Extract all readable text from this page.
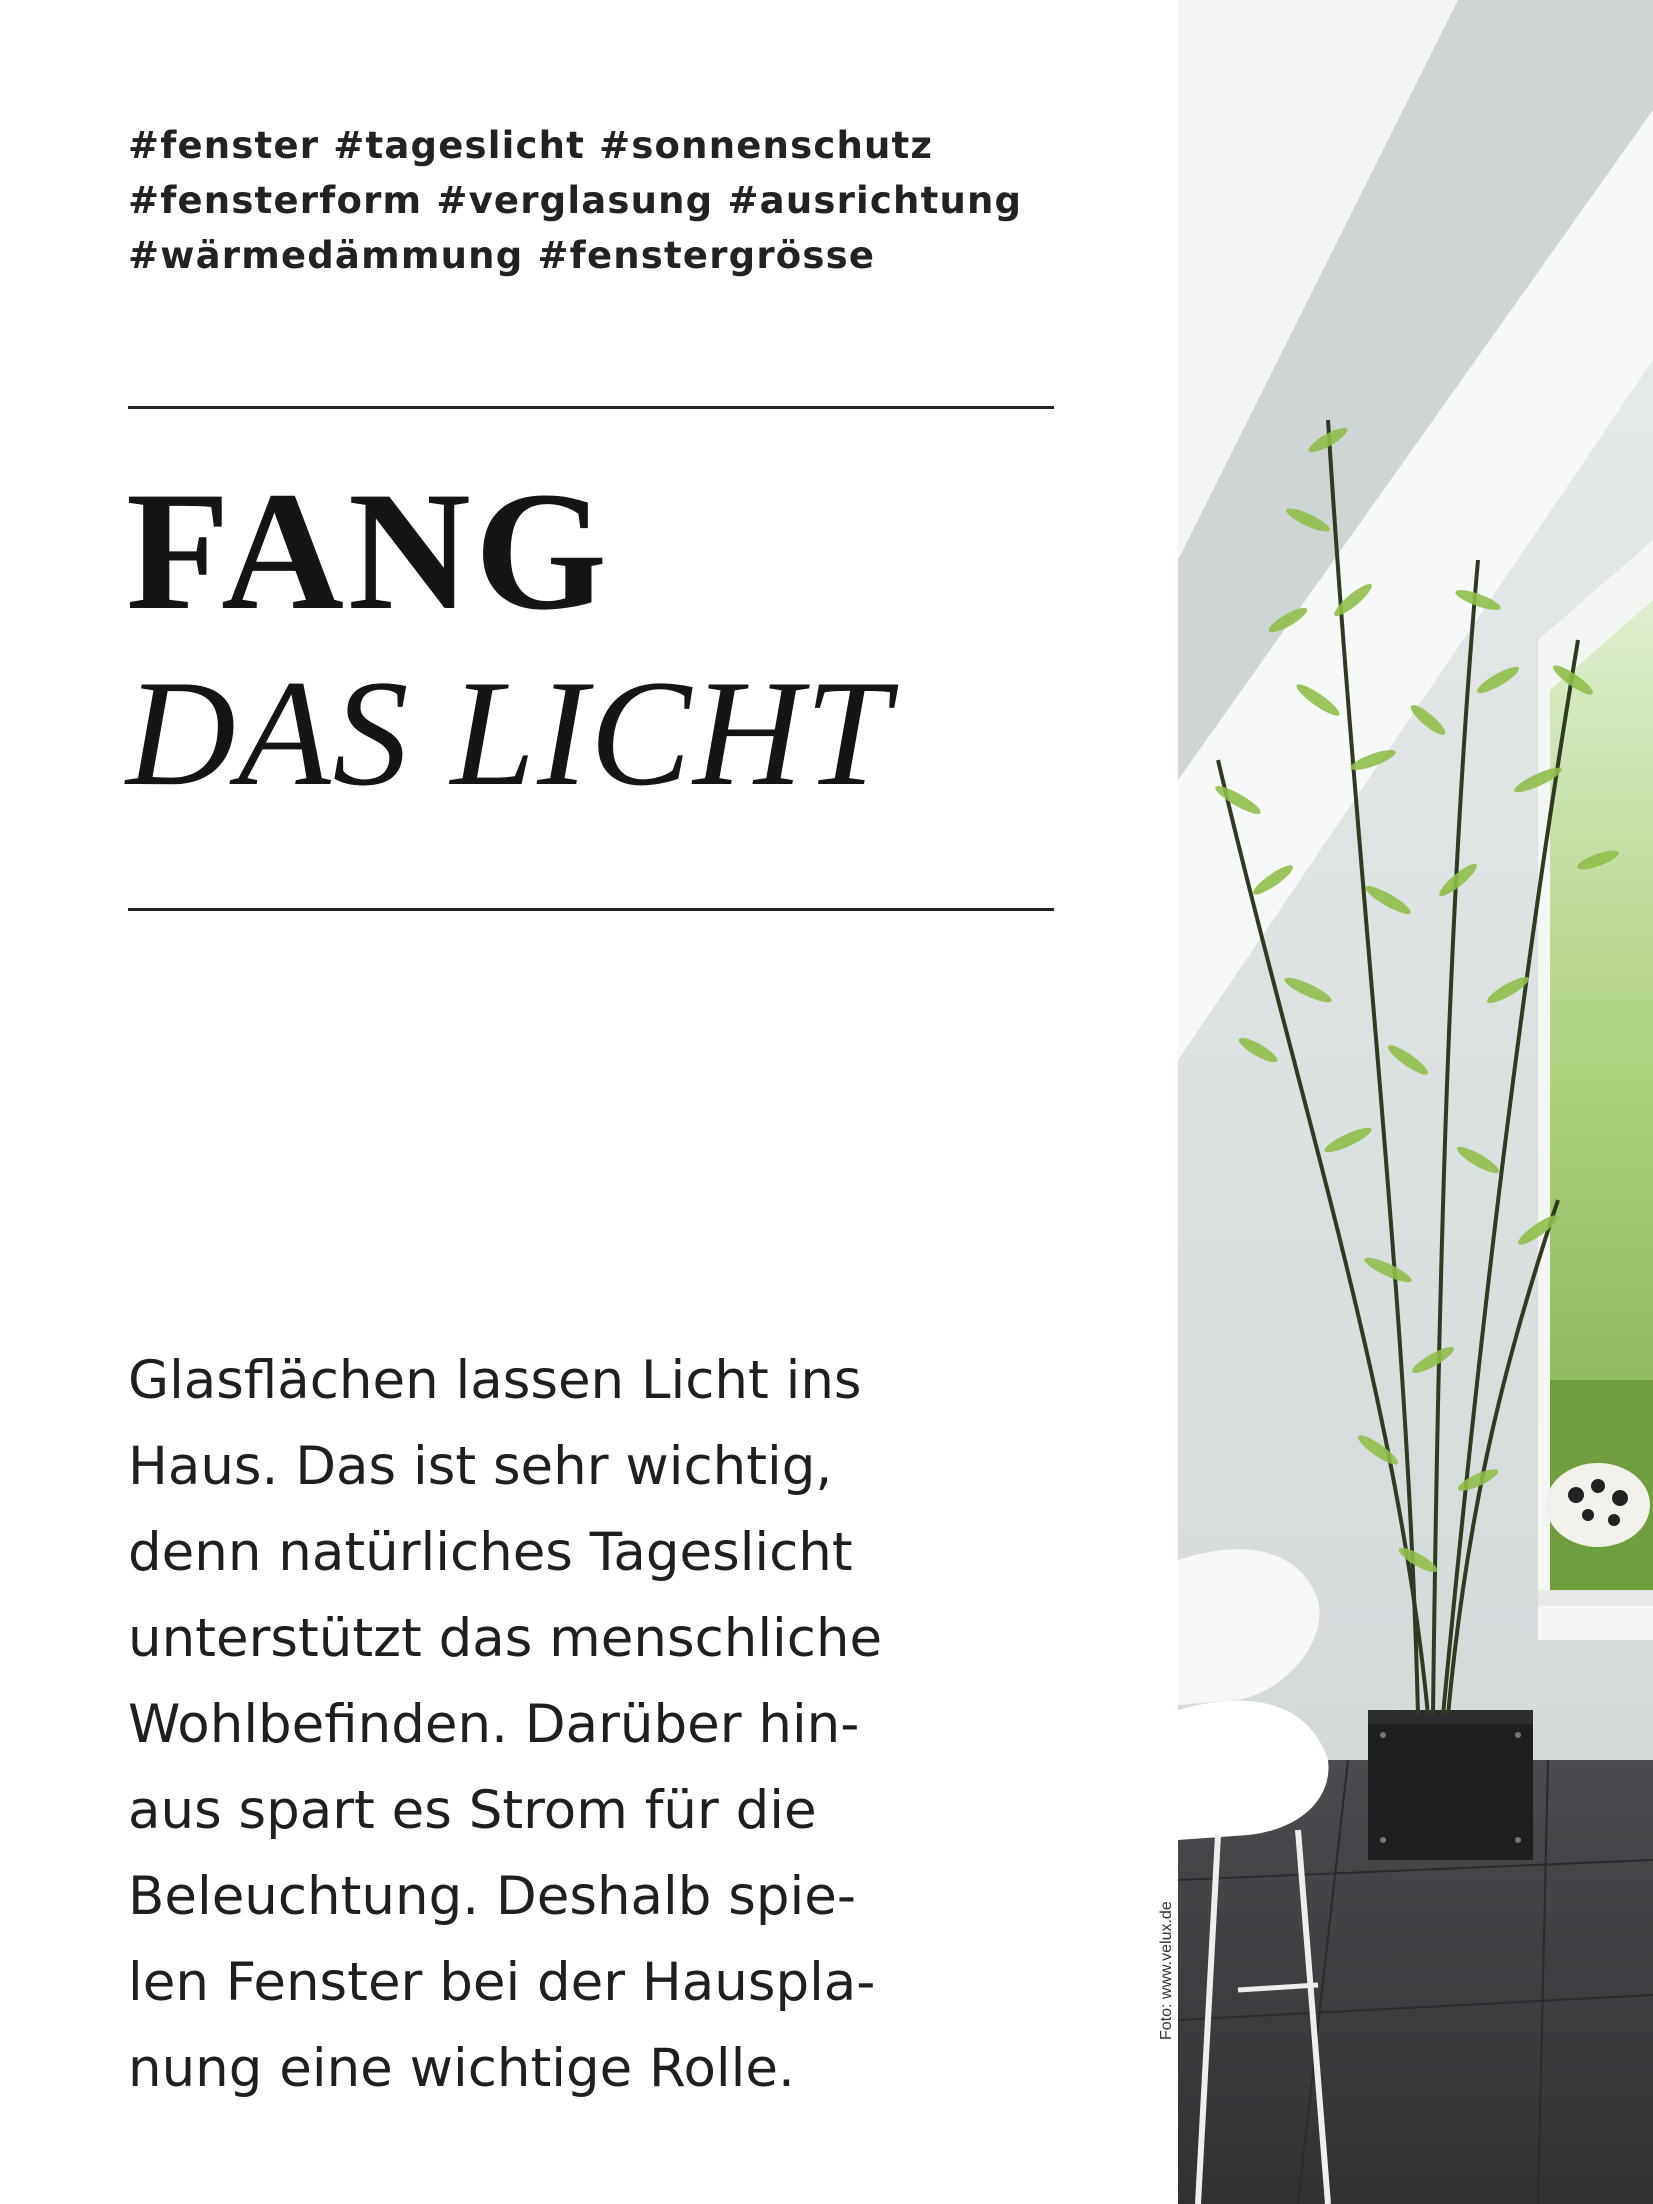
#fenster #tageslicht #sonnenschutz
#fensterform #verglasung #ausrichtung
#wärmedämmung #fenstergrösse
FANG
DAS LICHT
Glasflächen lassen Licht ins
Haus. Das ist sehr wichtig,
denn natürliches Tageslicht
unterstützt das menschliche
Wohlbefinden. Darüber hin-
aus spart es Strom für die
Beleuchtung. Deshalb spie-
len Fenster bei der Hauspla-
nung eine wichtige Rolle.
Foto: www.velux.de
